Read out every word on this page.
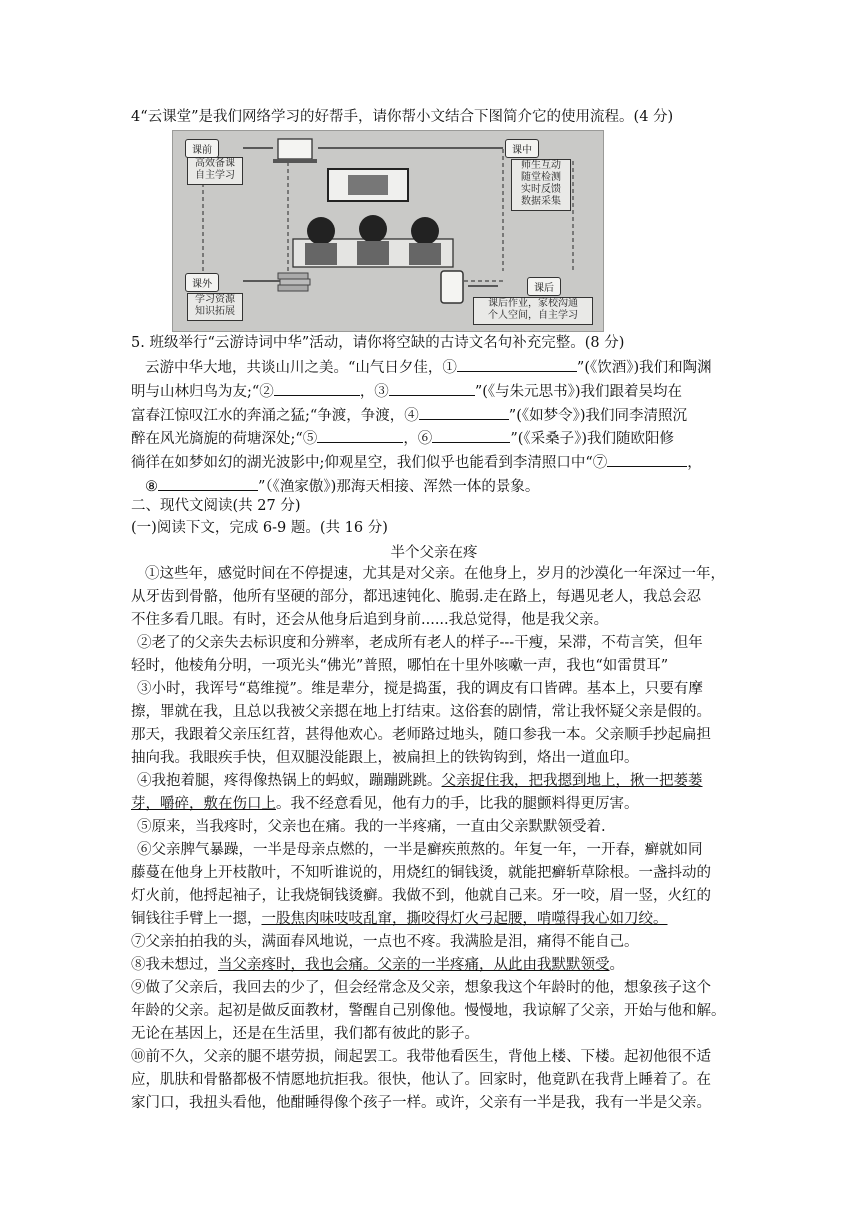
4“云课堂”是我们网络学习的好帮手，请你帮小文结合下图简介它的使用流程。(4 分)
课前
高效备课
自主学习
课中
师生互动
随堂检测
实时反馈
数据采集
课外
学习资源
知识拓展
课后
课后作业，家校沟通
个人空间，自主学习
5. 班级举行“云游诗词中华”活动，请你将空缺的古诗文名句补充完整。(8 分)
云游中华大地，共谈山川之美。“山气日夕佳，①	”(《饮酒》)我们和陶渊
明与山林归鸟为友;“②	，③	”(《与朱元思书》)我们跟着吴均在
富春江惊叹江水的奔涌之猛;“争渡，争渡，④	”(《如梦令》)我们同李清照沉
醉在风光旖旎的荷塘深处;“⑤	，⑥	”(《采桑子》)我们随欧阳修
徜徉在如梦如幻的湖光波影中;仰观星空，我们似乎也能看到李清照口中“⑦	，
⑧	”（《渔家傲》)那海天相接、浑然一体的景象。
二、现代文阅读(共 27 分)
(一)阅读下文，完成 6-9 题。(共 16 分)
半个父亲在疼
①这些年，感觉时间在不停提速，尤其是对父亲。在他身上，岁月的沙漠化一年深过一年，
从牙齿到骨骼，他所有坚硬的部分，都迅速钝化、脆弱.走在路上，每遇见老人，我总会忍
不住多看几眼。有时，还会从他身后追到身前......我总觉得，他是我父亲。
②老了的父亲失去标识度和分辨率，老成所有老人的样子---干瘦，呆滞，不苟言笑，但年
轻时，他棱角分明，一项光头“佛光”普照，哪怕在十里外咳嗽一声，我也“如雷贯耳”
③小时，我诨号“葛维搅”。维是辈分，搅是捣蛋，我的调皮有口皆碑。基本上，只要有摩
擦，罪就在我，且总以我被父亲摁在地上打结束。这俗套的剧情，常让我怀疑父亲是假的。
那天，我跟着父亲压红苕，甚得他欢心。老师路过地头，随口参我一本。父亲顺手抄起扁担
抽向我。我眼疾手快，但双腿没能跟上，被扁担上的铁钩钩到，烙出一道血印。
④我抱着腿，疼得像热锅上的蚂蚁，蹦蹦跳跳。父亲捉住我，把我摁到地上，揪一把蒌蒌
芽，嚼碎，敷在伤口上。我不经意看见，他有力的手，比我的腿颤料得更厉害。
⑤原来，当我疼时，父亲也在痛。我的一半疼痛，一直由父亲默默领受着.
⑥父亲脾气暴躁，一半是母亲点燃的，一半是癣疾煎熬的。年复一年，一开春，癣就如同
藤蔓在他身上开枝散叶，不知听谁说的，用烧红的铜钱烫，就能把癣斩草除根。一盏抖动的
灯火前，他捋起袖子，让我烧铜钱烫癣。我做不到，他就自己来。牙一咬，眉一竖，火红的
铜钱往手臂上一摁，一股焦肉味吱吱乱窜，撕咬得灯火弓起腰，啃噬得我心如刀绞。
⑦父亲拍拍我的头，满面春风地说，一点也不疼。我满脸是泪，痛得不能自己。
⑧我未想过，当父亲疼时，我也会痛。父亲的一半疼痛，从此由我默默领受。
⑨做了父亲后，我回去的少了，但会经常念及父亲，想象我这个年龄时的他，想象孩子这个
年龄的父亲。起初是做反面教材，警醒自己别像他。慢慢地，我谅解了父亲，开始与他和解。
无论在基因上，还是在生活里，我们都有彼此的影子。
⑩前不久，父亲的腿不堪劳损，闹起罢工。我带他看医生，背他上楼、下楼。起初他很不适
应，肌肤和骨骼都极不情愿地抗拒我。很快，他认了。回家时，他竟趴在我背上睡着了。在
家门口，我扭头看他，他酣睡得像个孩子一样。或许，父亲有一半是我，我有一半是父亲。
